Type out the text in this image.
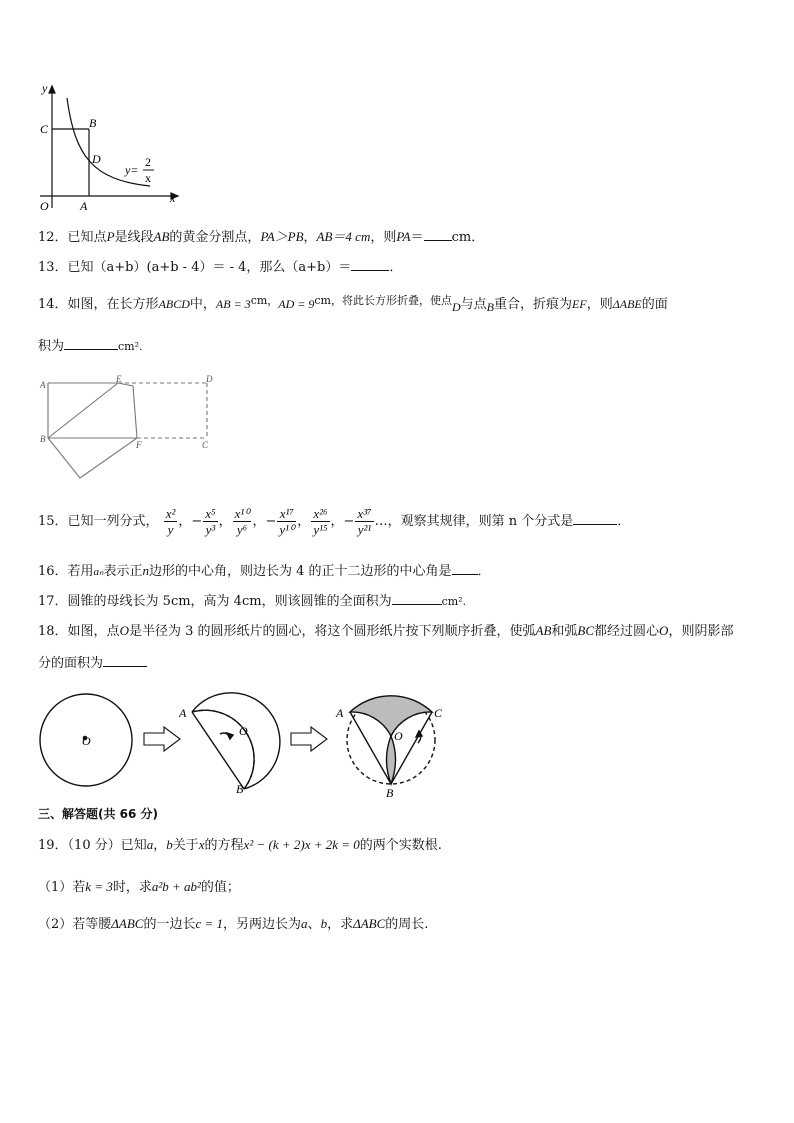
y
C	B
D
O	A
x
y=
2
x
12．已知点P是线段AB的黄金分割点，PA＞PB，AB＝4 cm，则PA＝ cm．
13．已知（a+b）(a+b - 4）＝ - 4，那么（a+b）＝	．
14．如图，在长方形ABCD中，AB = $3^{cm,}AD = 9^{cm,将此长方形折叠,使点}D$与点B重合，折痕为EF，则ΔABE的面
积为	cm².
A
E	D
B
C
F
15．已知一列分式， $\frac{\text{x²}}{y}$ ，− $\frac{\text{x⁵}}{\text{y³}}$ ， $\frac{\text{x¹⁰}}{\text{y⁶}}$ ，− $\frac{\text{x¹⁷}}{\text{y¹⁰}}$ ， $\frac{\text{x²⁶}}{\text{y¹⁵}}$ ，− $\frac{\text{x³⁷}}{\text{y²¹}}$ …，观察其规律，则第 n 个分式是	．
16．若用aₙ表示正n边形的中心角，则边长为 4 的正十二边形的中心角是 ．
17．圆锥的母线长为 5cm，高为 4cm，则该圆锥的全面积为	cm².
18．如图，点O是半径为 3 的圆形纸片的圆心，将这个圆形纸片按下列顺序折叠，使弧AB和弧BC都经过圆心O，则阴影部
分的面积为
O
A
O
B
A	C
O
B
三、解答题(共 66 分)
19．（10 分）已知a，b关于x的方程x² − (k + 2)x + 2k = 0的两个实数根.
（1）若k = 3时，求a²b + ab²的值；
（2）若等腰ΔABC的一边长c = 1，另两边长为a、b，求ΔABC的周长.
